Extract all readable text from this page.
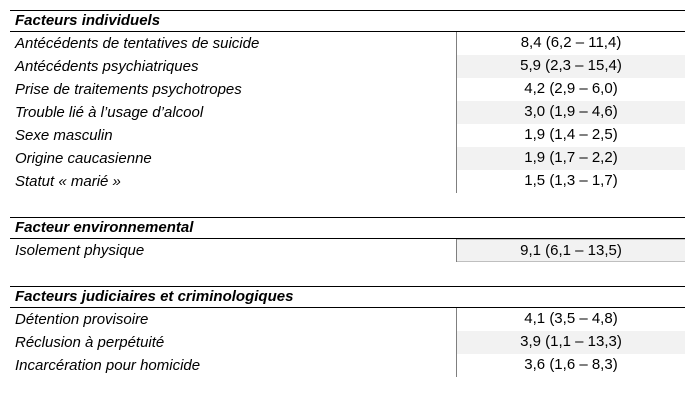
Facteurs individuels
Antécédents de tentatives de suicide	8,4 (6,2 – 11,4)
Antécédents psychiatriques	5,9 (2,3 – 15,4)
Prise de traitements psychotropes	4,2 (2,9 – 6,0)
Trouble lié à l’usage d’alcool	3,0 (1,9 – 4,6)
Sexe masculin	1,9 (1,4 – 2,5)
Origine caucasienne	1,9 (1,7 – 2,2)
Statut « marié »	1,5 (1,3 – 1,7)
Facteur environnemental
Isolement physique	9,1 (6,1 – 13,5)
Facteurs judiciaires et criminologiques
Détention provisoire	4,1 (3,5 – 4,8)
Réclusion à perpétuité	3,9 (1,1 – 13,3)
Incarcération pour homicide	3,6 (1,6 – 8,3)
